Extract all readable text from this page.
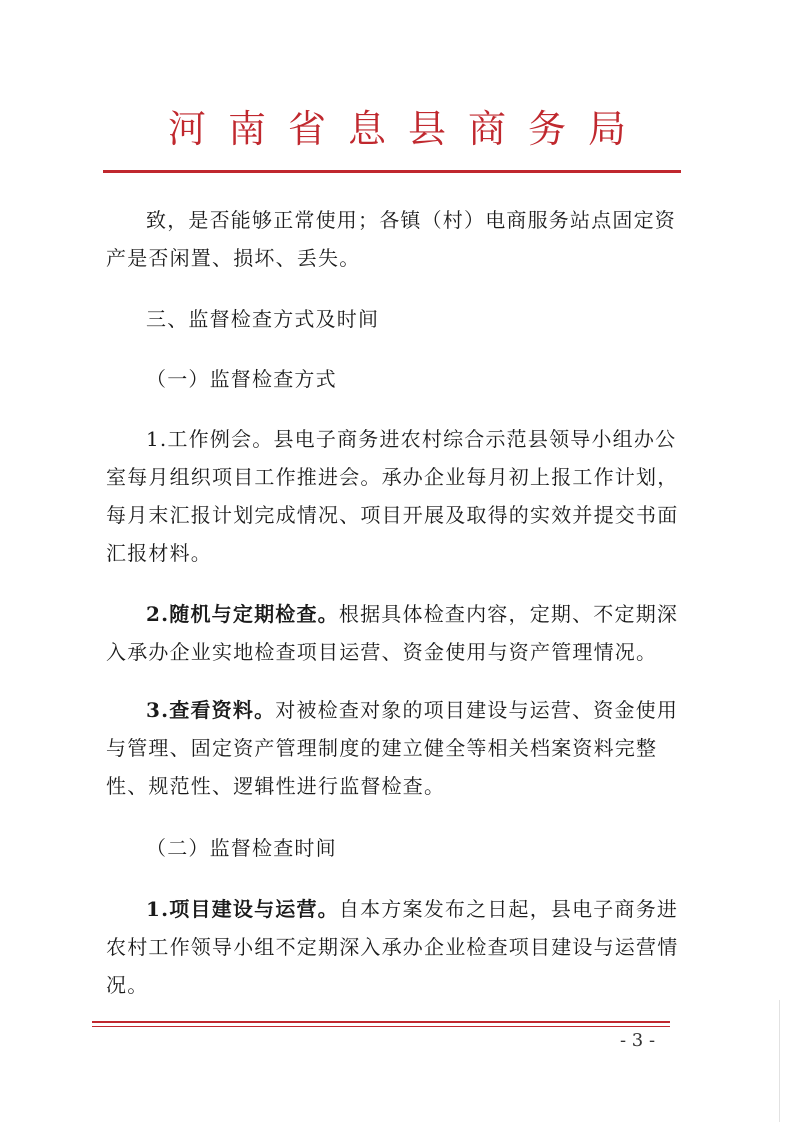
河南省息县商务局

致，是否能够正常使用；各镇（村）电商服务站点固定资产是否闲置、损坏、丢失。

三、监督检查方式及时间

（一）监督检查方式

1.工作例会。县电子商务进农村综合示范县领导小组办公室每月组织项目工作推进会。承办企业每月初上报工作计划，每月末汇报计划完成情况、项目开展及取得的实效并提交书面汇报材料。

2.随机与定期检查。根据具体检查内容，定期、不定期深入承办企业实地检查项目运营、资金使用与资产管理情况。

3.查看资料。对被检查对象的项目建设与运营、资金使用与管理、固定资产管理制度的建立健全等相关档案资料完整性、规范性、逻辑性进行监督检查。

（二）监督检查时间

1.项目建设与运营。自本方案发布之日起，县电子商务进农村工作领导小组不定期深入承办企业检查项目建设与运营情况。

- 3 -
